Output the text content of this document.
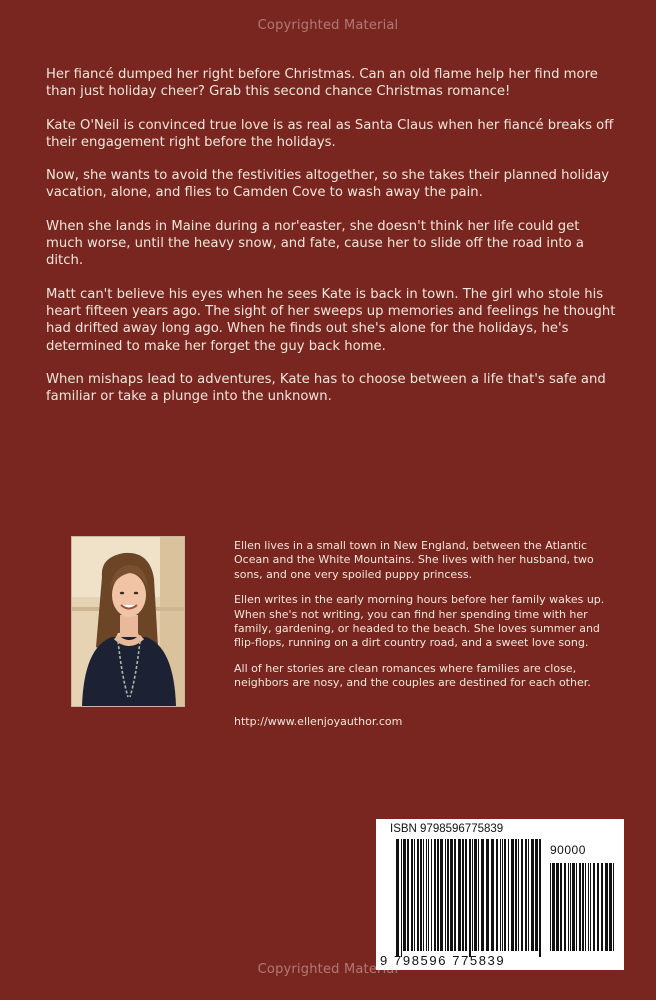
Copyrighted Material

Her fiancé dumped her right before Christmas. Can an old flame help her find more than just holiday cheer? Grab this second chance Christmas romance!

Kate O'Neil is convinced true love is as real as Santa Claus when her fiancé breaks off their engagement right before the holidays.

Now, she wants to avoid the festivities altogether, so she takes their planned holiday vacation, alone, and flies to Camden Cove to wash away the pain.

When she lands in Maine during a nor'easter, she doesn't think her life could get much worse, until the heavy snow, and fate, cause her to slide off the road into a ditch.

Matt can't believe his eyes when he sees Kate is back in town. The girl who stole his heart fifteen years ago. The sight of her sweeps up memories and feelings he thought had drifted away long ago. When he finds out she's alone for the holidays, he's determined to make her forget the guy back home.

When mishaps lead to adventures, Kate has to choose between a life that's safe and familiar or take a plunge into the unknown.

Ellen lives in a small town in New England, between the Atlantic Ocean and the White Mountains. She lives with her husband, two sons, and one very spoiled puppy princess.

Ellen writes in the early morning hours before her family wakes up. When she's not writing, you can find her spending time with her family, gardening, or headed to the beach. She loves summer and flip-flops, running on a dirt country road, and a sweet love song.

All of her stories are clean romances where families are close, neighbors are nosy, and the couples are destined for each other.

http://www.ellenjoyauthor.com

ISBN 9798596775839
90000
9 798596 775839
Copyrighted Material
